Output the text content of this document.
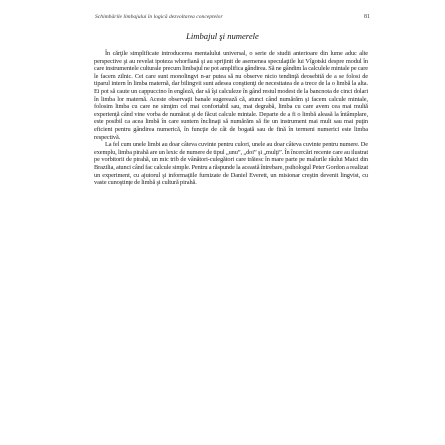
Schimbările limbajului în logică dezvoltarea conceptelor	81
Limbajul şi numerele

În cărţile simplificate introducerea mentalului universal, o serie de studii anterioare din lume aduc alte perspective şi au revelat ipoteza whorfiană şi au sprijinit de asemenea speculaţiile lui Vîgotski despre modul în care instrumentele culturale precum limbajul ne pot amplifica gândirea. Să ne gândim la calculele mintale pe care le facem zilnic. Cei care sunt monolingvi n-ar putea să nu observe nicio tendinţă deosebită de a se folosi de tiparul intern în limba maternă, dar bilingvii sunt adesea conştienţi de necesitatea de a trece de la o limbă la alta. Ei pot să caute un cappuccino în engleză, dar să îşi calculeze în gând restul modest de la bancnota de cinci dolari în limba lor maternă. Aceste observaţii banale sugerează că, atunci când numărăm şi facem calcule mintale, folosim limba cu care ne simţim cel mai confortabil sau, mai degrabă, limba cu care avem cea mai multă experienţă când vine vorba de numărat şi de făcut calcule mintale. Departe de a fi o limbă aleasă la întâmplare, este posibil ca acea limbă în care suntem înclinaţi să numărăm să fie un instrument mai mult sau mai puţin eficient pentru gândirea numerică, în funcţie de cât de bogată sau de fină în termeni numerici este limba respectivă.

La fel cum unele limbi au doar câteva cuvinte pentru culori, unele au doar câteva cuvinte pentru numere. De exemplu, limba pirahă are un lexic de numere de tipul „unu”, „doi” şi „mulţi”. În încercări recente care au ilustrat pe vorbitorii de pirahă, un mic trib de vânători-culegători care trăiesc în mare parte pe malurile râului Maici din Brazilia, atunci când fac calcule simple. Pentru a răspunde la această întrebare, psihologul Peter Gordon a realizat un experiment, cu ajutorul şi informaţiile furnizate de Daniel Everett, un misionar creştin devenit lingvist, cu vaste cunoştinţe de limbă şi cultură pirahă.
